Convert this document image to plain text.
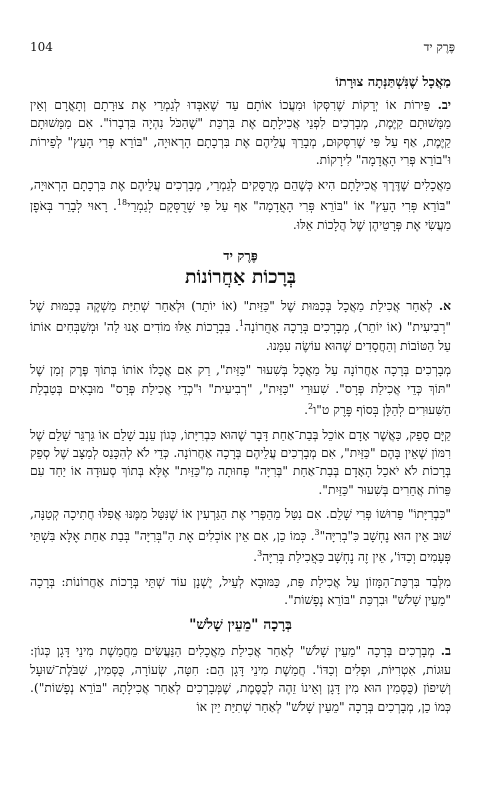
פֶּרֶק יד
104
מַאֲכָל שֶׁנִּשְׁתַּנְּתָה צוּרָתוֹ

יב. פֵּירוֹת אוֹ יְרָקוֹת שֶׁרִסְּקוֹ וּמִעֲכוֹ אוֹתָם עַד שֶׁאִבְּדוּ לְגַמְרֵי אֶת צוּרָתָם וְתָאֳרָם וְאֵין מַמָּשׁוּתָם קַיֶּמֶת, מְבָרְכִים לִפְנֵי אֲכִילָתָם אֶת בִּרְכַּת "שֶׁהַכֹּל נִהְיָה בִּדְבָרוֹ". אִם מַמָּשׁוּתָם קַיֶּמֶת, אַף עַל פִּי שֶׁרִסְּקוּם, מְבָרֵךְ עֲלֵיהֶם אֶת בִּרְכָתָם הָרְאוּיָה, "בּוֹרֵא פְּרִי הָעֵץ" לְפֵירוֹת וּ"בוֹרֵא פְּרִי הָאֲדָמָה" לִירָקוֹת.

מַאֲכָלִים שֶׁדֶּרֶךְ אֲכִילָתָם הִיא כְּשֶׁהֵם מְרֻסָּקִים לְגַמְרֵי, מְבָרְכִים עֲלֵיהֶם אֶת בִּרְכָתָם הָרְאוּיָה, "בּוֹרֵא פְּרִי הָעֵץ" אוֹ "בּוֹרֵא פְּרִי הָאֲדָמָה" אַף עַל פִּי שֶׁרֻסְּקָם לְגַמְרֵי$^{18}$. רָאוּי לְבָרֵר בְּאֹפֶן מַעֲשִׂי אֶת פְּרָטֵיהֶן שֶׁל הֲלָכוֹת אֵלּוּ.

פֶּרֶק יד
בְּרָכוֹת אַחֲרוֹנוֹת

א. לְאַחַר אֲכִילַת מַאֲכָל בְּכַמּוּת שֶׁל "כַּזַּיִת" (אוֹ יוֹתֵר) וּלְאַחַר שְׁתִיַּת מַשְׁקֶה בְּכַמּוּת שֶׁל "רְבִיעִית" (אוֹ יוֹתֵר), מְבָרְכִים בְּרָכָה אַחֲרוֹנָה$^1$. בִּבְרָכוֹת אֵלּוּ מוֹדִים אָנוּ לַה' וּמְשַׁבְּחִים אוֹתוֹ עַל הַטּוֹבוֹת וְהַחֲסָדִים שֶׁהוּא עוֹשֶׂה עִמָּנוּ.

מְבָרְכִים בְּרָכָה אַחֲרוֹנָה עַל מַאֲכָל בְּשִׁעוּר "כַּזַּיִת", רַק אִם אֲכָלוֹ אוֹתוֹ בְּתוֹךְ פֶּרֶק זְמַן שֶׁל "תּוֹךְ כְּדֵי אֲכִילַת פְּרָס". שִׁעוּרֵי "כַּזַּיִת", "רְבִיעִית" וּ"כְדֵי אֲכִילַת פְּרָס" מוּבָאִים בְּטַבְלַת הַשִּׁעוּרִים לְהַלָּן בְּסוֹף פֶּרֶק ט"ו$^2$.

קַיָּם סָפֵק, כַּאֲשֶׁר אָדָם אוֹכֵל בְּבַת־אַחַת דָּבָר שֶׁהוּא כִּבְרִיָּתוֹ, כְּגוֹן עֵנָב שָׁלֵם אוֹ גַּרְגֵּר שָׁלֵם שֶׁל רִמּוֹן שֶׁאֵין בָּהֶם "כַּזַּיִת", אִם מְבָרְכִים עֲלֵיהֶם בְּרָכָה אַחֲרוֹנָה. כְּדֵי לֹא לְהִכָּנֵס לְמַצָּב שֶׁל סְפֵק בְּרָכוֹת לֹא יֹאכַל הָאָדָם בְּבַת־אַחַת "בְּרִיָּה" פְּחוּתָה מִ"כַּזַּיִת" אֶלָּא בְּתוֹךְ סְעוּדָה אוֹ יַחַד עִם פֵּרוֹת אֲחֵרִים בְּשִׁעוּר "כַּזַּיִת".

"כִּבְרִיָּתוֹ" פֵּרוּשׁוֹ פְּרִי שָׁלֵם. אִם נִטַּל מֵהַפְּרִי אֶת הַגַּרְעִין אוֹ שֶׁנִּטַּל מִמֶּנּוּ אֲפִלּוּ חֲתִיכָה קְטַנָּה, שׁוּב אֵין הוּא נֶחְשָׁב כִּ"בְרִיָּה"$^3$. כְּמוֹ כֵן, אִם אֵין אוֹכְלִים אֶת הַ"בְּרִיָּה" בְּבַת אַחַת אֶלָּא בִּשְׁתֵּי פְּעָמִים וְכַדּוֹ', אֵין זֶה נֶחְשָׁב כַּאֲכִילַת בְּרִיָּה$^3$.

מִלְּבַד בִּרְכַּת־הַמָּזוֹן עַל אֲכִילַת פַּת, כַּמּוּבָא לְעֵיל, יֶשְׁנָן עוֹד שְׁתֵּי בְּרָכוֹת אַחֲרוֹנוֹת: בְּרָכָה "מֵעֵין שָׁלֹשׁ" וּבִרְכַּת "בּוֹרֵא נְפָשׁוֹת".

בְּרָכָה "מֵעֵין שָׁלֹשׁ"

ב. מְבָרְכִים בְּרָכָה "מֵעֵין שָׁלֹשׁ" לְאַחַר אֲכִילַת מַאֲכָלִים הַנַּעֲשִׂים מֵחֲמֵשֶׁת מִינֵי דָּגָן כְּגוֹן: עוּגוֹת, אִטְרִיּוֹת, וּפְלִים וְכַדּוֹ'. חֲמֵשֶׁת מִינֵי דָּגָן הֵם: חִטָּה, שְׂעוֹרָה, כֻּסְּמִין, שִׁבֹּלֶת־שׁוּעָל וְשִׁיפוֹן (כֻּסְּמִין הוּא מִין דָּגָן וְאֵינוֹ זֵהֶה לְכֻסֶּמֶת, שֶׁמְּבָרְכִים לְאַחַר אֲכִילָתָהּ "בּוֹרֵא נְפָשׁוֹת"). כְּמוֹ כֵן, מְבָרְכִים בְּרָכָה "מֵעֵין שָׁלֹשׁ" לְאַחַר שְׁתִיַּת יַיִן אוֹ
